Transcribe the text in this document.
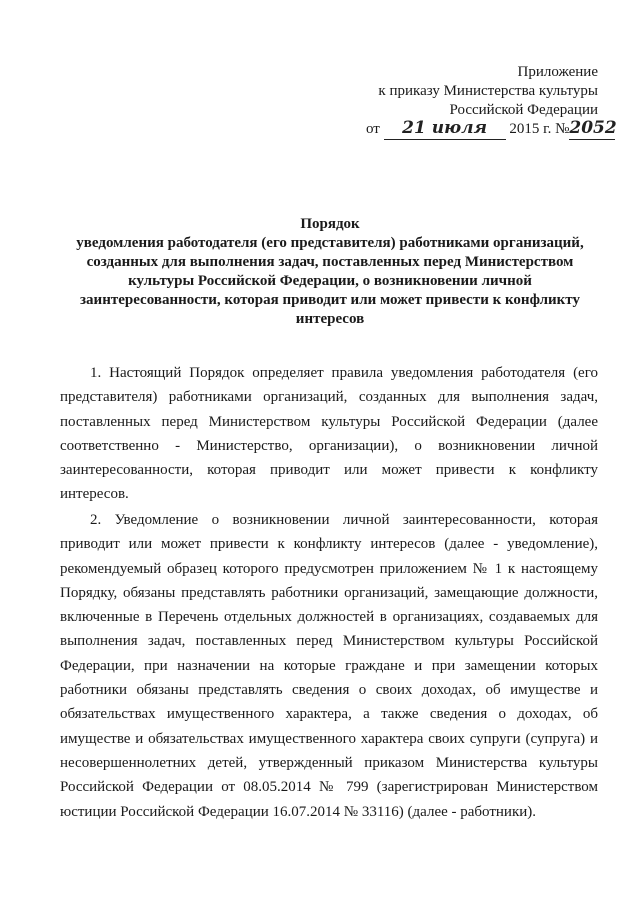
Приложение
к приказу Министерства культуры
Российской Федерации
от 21 июля 2015 г. №2052
Порядок
уведомления работодателя (его представителя) работниками организаций,
созданных для выполнения задач, поставленных перед Министерством
культуры Российской Федерации, о возникновении личной
заинтересованности, которая приводит или может привести к конфликту
интересов
1. Настоящий Порядок определяет правила уведомления работодателя (его
представителя) работниками организаций, созданных для выполнения задач,
поставленных перед Министерством культуры Российской Федерации (далее
соответственно - Министерство, организации), о возникновении личной
заинтересованности, которая приводит или может привести к конфликту
интересов.
2. Уведомление о возникновении личной заинтересованности, которая
приводит или может привести к конфликту интересов (далее - уведомление),
рекомендуемый образец которого предусмотрен приложением № 1 к настоящему
Порядку, обязаны представлять работники организаций, замещающие должности,
включенные в Перечень отдельных должностей в организациях, создаваемых для
выполнения задач, поставленных перед Министерством культуры Российской
Федерации, при назначении на которые граждане и при замещении которых
работники обязаны представлять сведения о своих доходах, об имуществе и
обязательствах имущественного характера, а также сведения о доходах, об
имуществе и обязательствах имущественного характера своих супруги (супруга) и
несовершеннолетних детей, утвержденный приказом Министерства культуры
Российской Федерации от 08.05.2014 № 799 (зарегистрирован Министерством
юстиции Российской Федерации 16.07.2014 № 33116) (далее - работники).
